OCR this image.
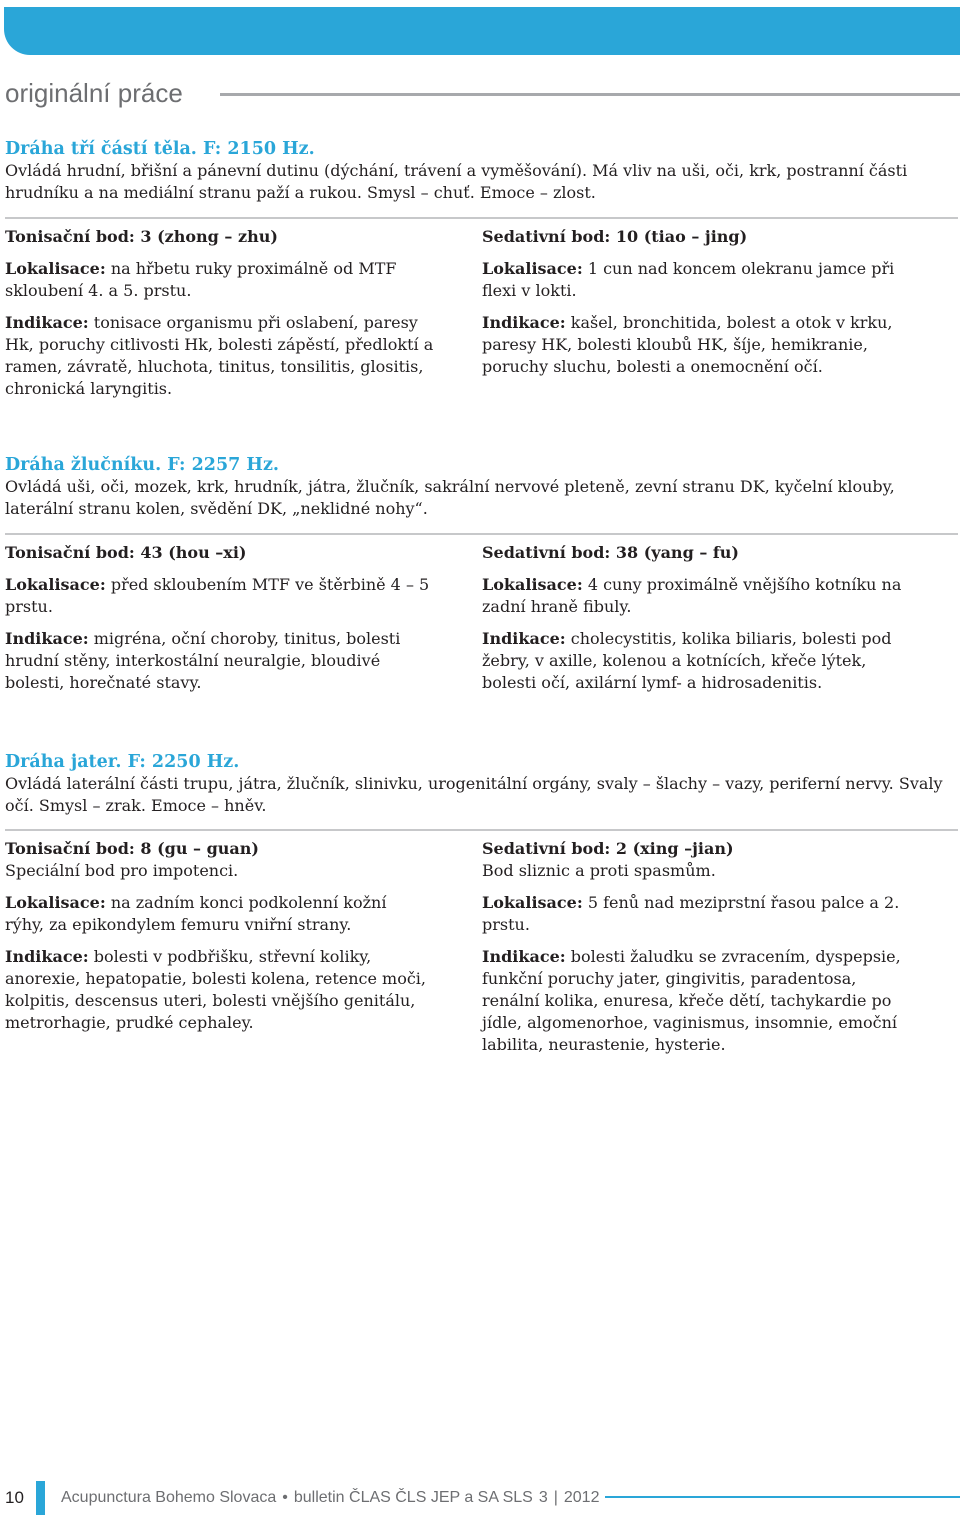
originální práce

Dráha tří částí těla. F: 2150 Hz.

Ovládá hrudní, břišní a pánevní dutinu (dýchání, trávení a vyměšování). Má vliv na uši, oči, krk, postranní části hrudníku a na mediální stranu paží a rukou. Smysl – chuť. Emoce – zlost.

Tonisační bod: 3 (zhong – zhu)

Lokalisace: na hřbetu ruky proximálně od MTF skloubení 4. a 5. prstu.

Indikace: tonisace organismu při oslabení, paresy Hk, poruchy citlivosti Hk, bolesti zápěstí, předloktí a ramen, závratě, hluchota, tinitus, tonsilitis, glositis, chronická laryngitis.

Sedativní bod: 10 (tiao – jing)

Lokalisace: 1 cun nad koncem olekranu jamce při flexi v lokti.

Indikace: kašel, bronchitida, bolest a otok v krku, paresy HK, bolesti kloubů HK, šíje, hemikranie, poruchy sluchu, bolesti a onemocnění očí.

Dráha žlučníku. F: 2257 Hz.

Ovládá uši, oči, mozek, krk, hrudník, játra, žlučník, sakrální nervové pleteně, zevní stranu DK, kyčelní klouby, laterální stranu kolen, svědění DK, „neklidné nohy“.

Tonisační bod: 43 (hou –xi)

Lokalisace: před skloubením MTF ve štěrbině 4 – 5 prstu.

Indikace: migréna, oční choroby, tinitus, bolesti hrudní stěny, interkostální neuralgie, bloudivé bolesti, horečnaté stavy.

Sedativní bod: 38 (yang – fu)

Lokalisace: 4 cuny proximálně vnějšího kotníku na zadní hraně fibuly.

Indikace: cholecystitis, kolika biliaris, bolesti pod žebry, v axille, kolenou a kotnících, křeče lýtek, bolesti očí, axilární lymf- a hidrosadenitis.

Dráha jater. F: 2250 Hz.

Ovládá laterální části trupu, játra, žlučník, slinivku, urogenitální orgány, svaly – šlachy – vazy, periferní nervy. Svaly očí. Smysl – zrak. Emoce – hněv.

Tonisační bod: 8 (gu – guan)

Speciální bod pro impotenci.

Lokalisace: na zadním konci podkolenní kožní rýhy, za epikondylem femuru vniřní strany.

Indikace: bolesti v podbřišku, střevní koliky, anorexie, hepatopatie, bolesti kolena, retence moči, kolpitis, descensus uteri, bolesti vnějšího genitálu, metrorhagie, prudké cephaley.

Sedativní bod: 2 (xing –jian)

Bod sliznic a proti spasmům.

Lokalisace: 5 fenů nad meziprstní řasou palce a 2. prstu.

Indikace: bolesti žaludku se zvracením, dyspepsie, funkční poruchy jater, gingivitis, paradentosa, renální kolika, enuresa, křeče dětí, tachykardie po jídle, algomenorhoe, vaginismus, insomnie, emoční labilita, neurastenie, hysterie.

10 Acupunctura Bohemo Slovaca • bulletin ČLAS ČLS JEP a SA SLS 3 | 2012
